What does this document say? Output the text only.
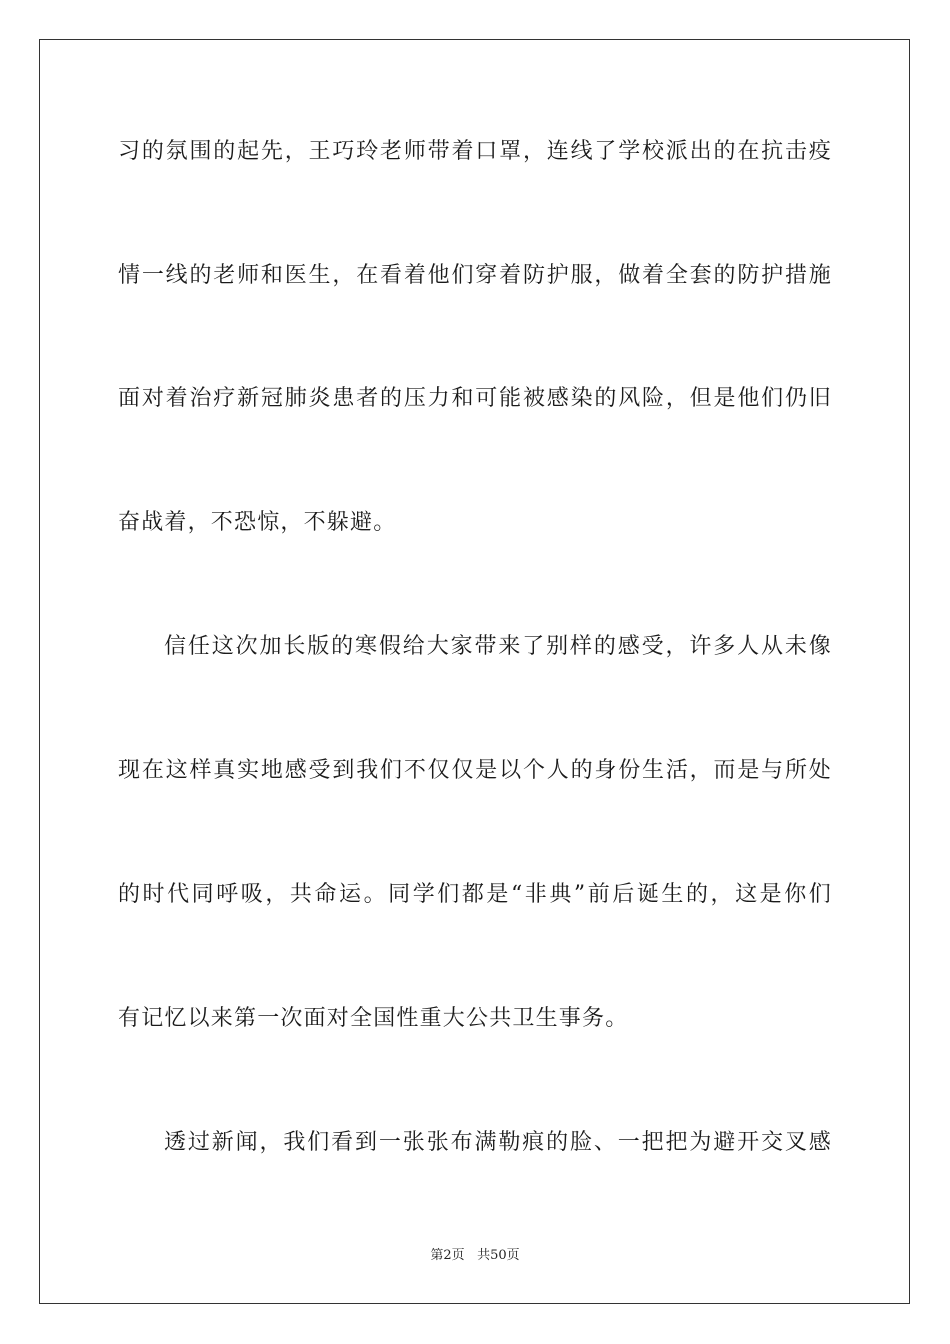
习的氛围的起先，王巧玲老师带着口罩，连线了学校派出的在抗击疫
情一线的老师和医生，在看着他们穿着防护服，做着全套的防护措施
面对着治疗新冠肺炎患者的压力和可能被感染的风险，但是他们仍旧
奋战着，不恐惊，不躲避。
信任这次加长版的寒假给大家带来了别样的感受，许多人从未像
现在这样真实地感受到我们不仅仅是以个人的身份生活，而是与所处
的时代同呼吸，共命运。同学们都是“非典”前后诞生的，这是你们
有记忆以来第一次面对全国性重大公共卫生事务。
透过新闻，我们看到一张张布满勒痕的脸、一把把为避开交叉感
第2页 共50页
